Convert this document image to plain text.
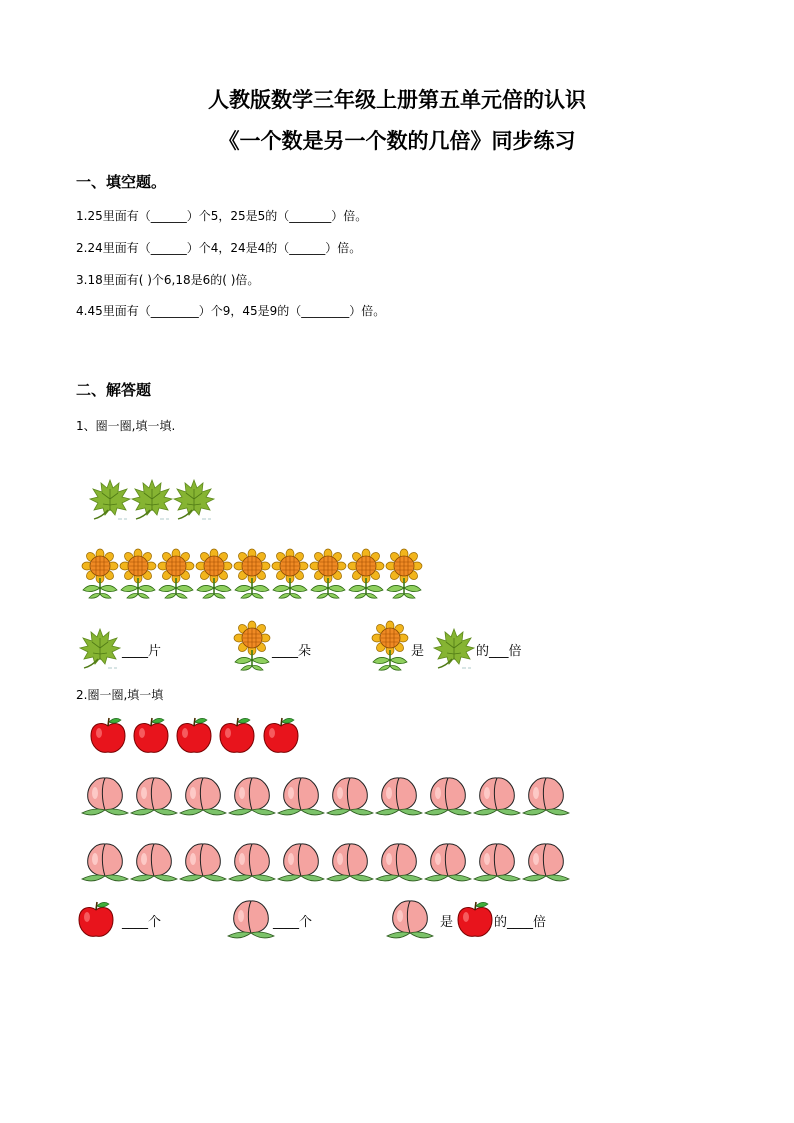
人教版数学三年级上册第五单元倍的认识
《一个数是另一个数的几倍》同步练习
一、填空题。
1.25里面有（______）个5，25是5的（_______）倍。
2.24里面有（______）个4，24是4的（______）倍。
3.18里面有( )个6,18是6的( )倍。
4.45里面有（________）个9，45是9的（________）倍。
二、解答题
1、圈一圈,填一填.
____片	____朵	是	的___倍
2.圈一圈,填一填
____个	____个	是	的____倍
